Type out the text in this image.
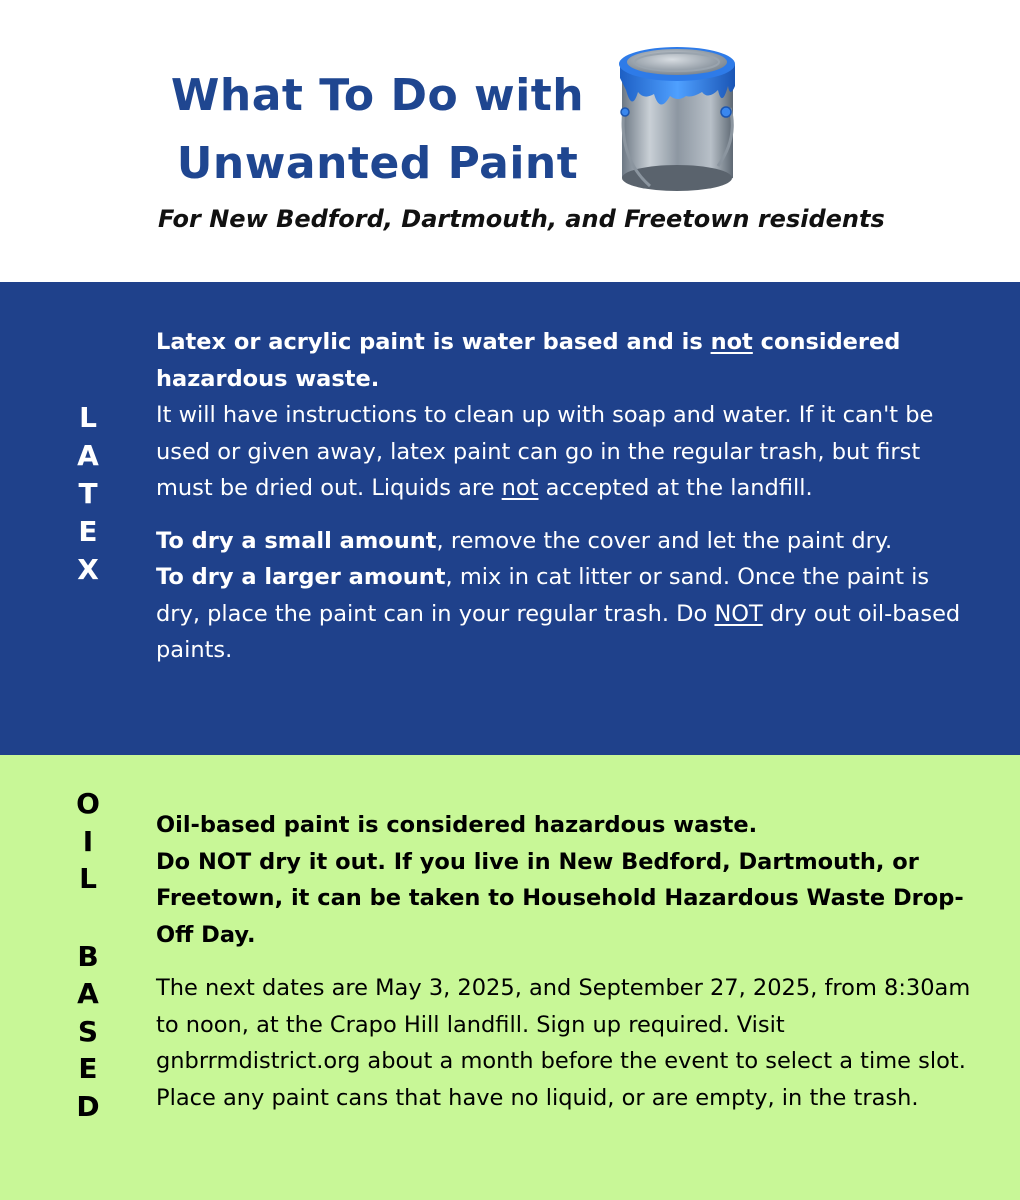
What To Do with
Unwanted Paint

For New Bedford, Dartmouth, and Freetown residents

L
A
T
E
X

Latex or acrylic paint is water based and is not considered hazardous waste.
It will have instructions to clean up with soap and water. If it can't be used or given away, latex paint can go in the regular trash, but first must be dried out. Liquids are not accepted at the landfill.

To dry a small amount, remove the cover and let the paint dry.
To dry a larger amount, mix in cat litter or sand. Once the paint is dry, place the paint can in your regular trash. Do NOT dry out oil-based paints.

O
I
L
B
A
S
E
D

Oil-based paint is considered hazardous waste.
Do NOT dry it out. If you live in New Bedford, Dartmouth, or Freetown, it can be taken to Household Hazardous Waste Drop-Off Day.

The next dates are May 3, 2025, and September 27, 2025, from 8:30am to noon, at the Crapo Hill landfill. Sign up required. Visit gnbrrmdistrict.org about a month before the event to select a time slot. Place any paint cans that have no liquid, or are empty, in the trash.
